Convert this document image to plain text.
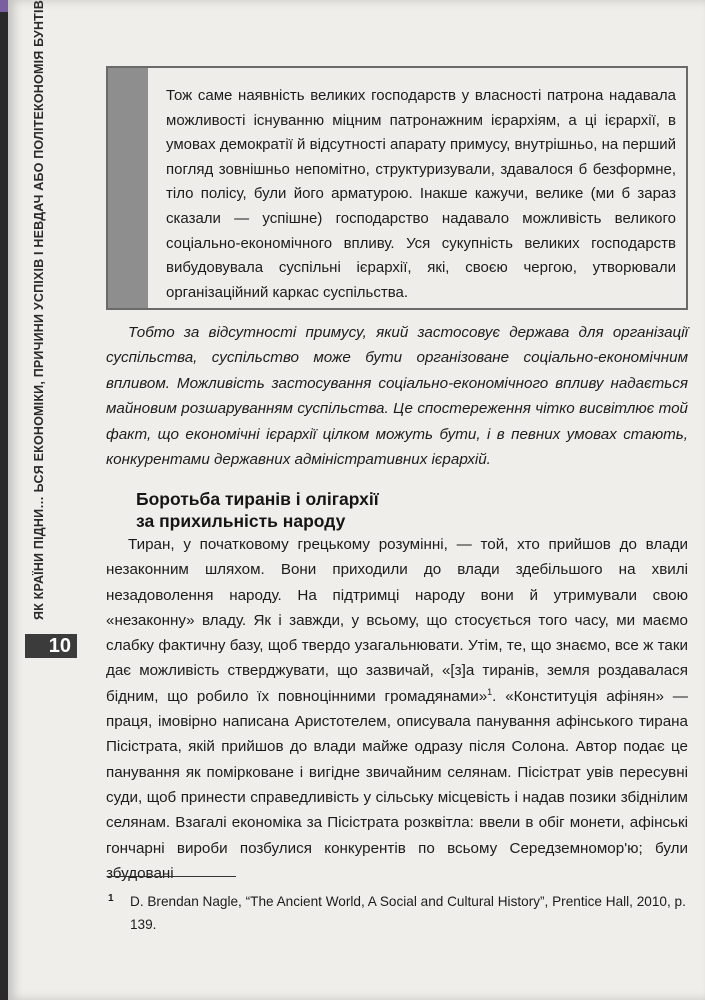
ЯК КРАЇНИ ПІДНИ… ЬСЯ ЕКОНОМІКИ, ПРИЧИНИ УСПІХІВ І НЕВДАЧ АБО ПОЛІТЕКОНОМІЯ БУНТІВ
10

Тож саме наявність великих господарств у власності патрона надавала можливості існуванню міцним патронажним ієрархіям, а ці ієрархії, в умовах демократії й відсутності апарату примусу, внутрішньо, на перший погляд зовнішньо непомітно, структуризували, здавалося б безформне, тіло полісу, були його арматурою. Інакше кажучи, велике (ми б зараз сказали — успішне) господарство надавало можливість великого соціально-економічного впливу. Уся сукупність великих господарств вибудовувала суспільні ієрархії, які, своєю чергою, утворювали організаційний каркас суспільства.

Тобто за відсутності примусу, який застосовує держава для організації суспільства, суспільство може бути організоване соціально-економічним впливом. Можливість застосування соціально-економічного впливу надається майновим розшаруванням суспільства. Це спостереження чітко висвітлює той факт, що економічні ієрархії цілком можуть бути, і в певних умовах стають, конкурентами державних адміністративних ієрархій.

Боротьба тиранів і олігархії
за прихильність народу

Тиран, у початковому грецькому розумінні, — той, хто прийшов до влади незаконним шляхом. Вони приходили до влади здебільшого на хвилі незадоволення народу. На підтримці народу вони й утримували свою «незаконну» владу. Як і завжди, у всьому, що стосується того часу, ми маємо слабку фактичну базу, щоб твердо узагальнювати. Утім, те, що знаємо, все ж таки дає можливість стверджувати, що зазвичай, «[з]а тиранів, земля роздавалася бідним, що робило їх повноцінними громадянами»$^1$. «Конституція афінян» — праця, імовірно написана Аристотелем, описувала панування афінського тирана Пісістрата, якій прийшов до влади майже одразу після Солона. Автор подає це панування як помірковане і вигідне звичайним селянам. Пісістрат увів пересувні суди, щоб принести справедливість у сільську місцевість і надав позики збіднілим селянам. Взагалі економіка за Пісістрата розквітла: ввели в обіг монети, афінські гончарні вироби позбулися конкурентів по всьому Середземномор'ю; були збудовані

1	D. Brendan Nagle, “The Ancient World, A Social and Cultural History”, Prentice Hall, 2010, p. 139.
